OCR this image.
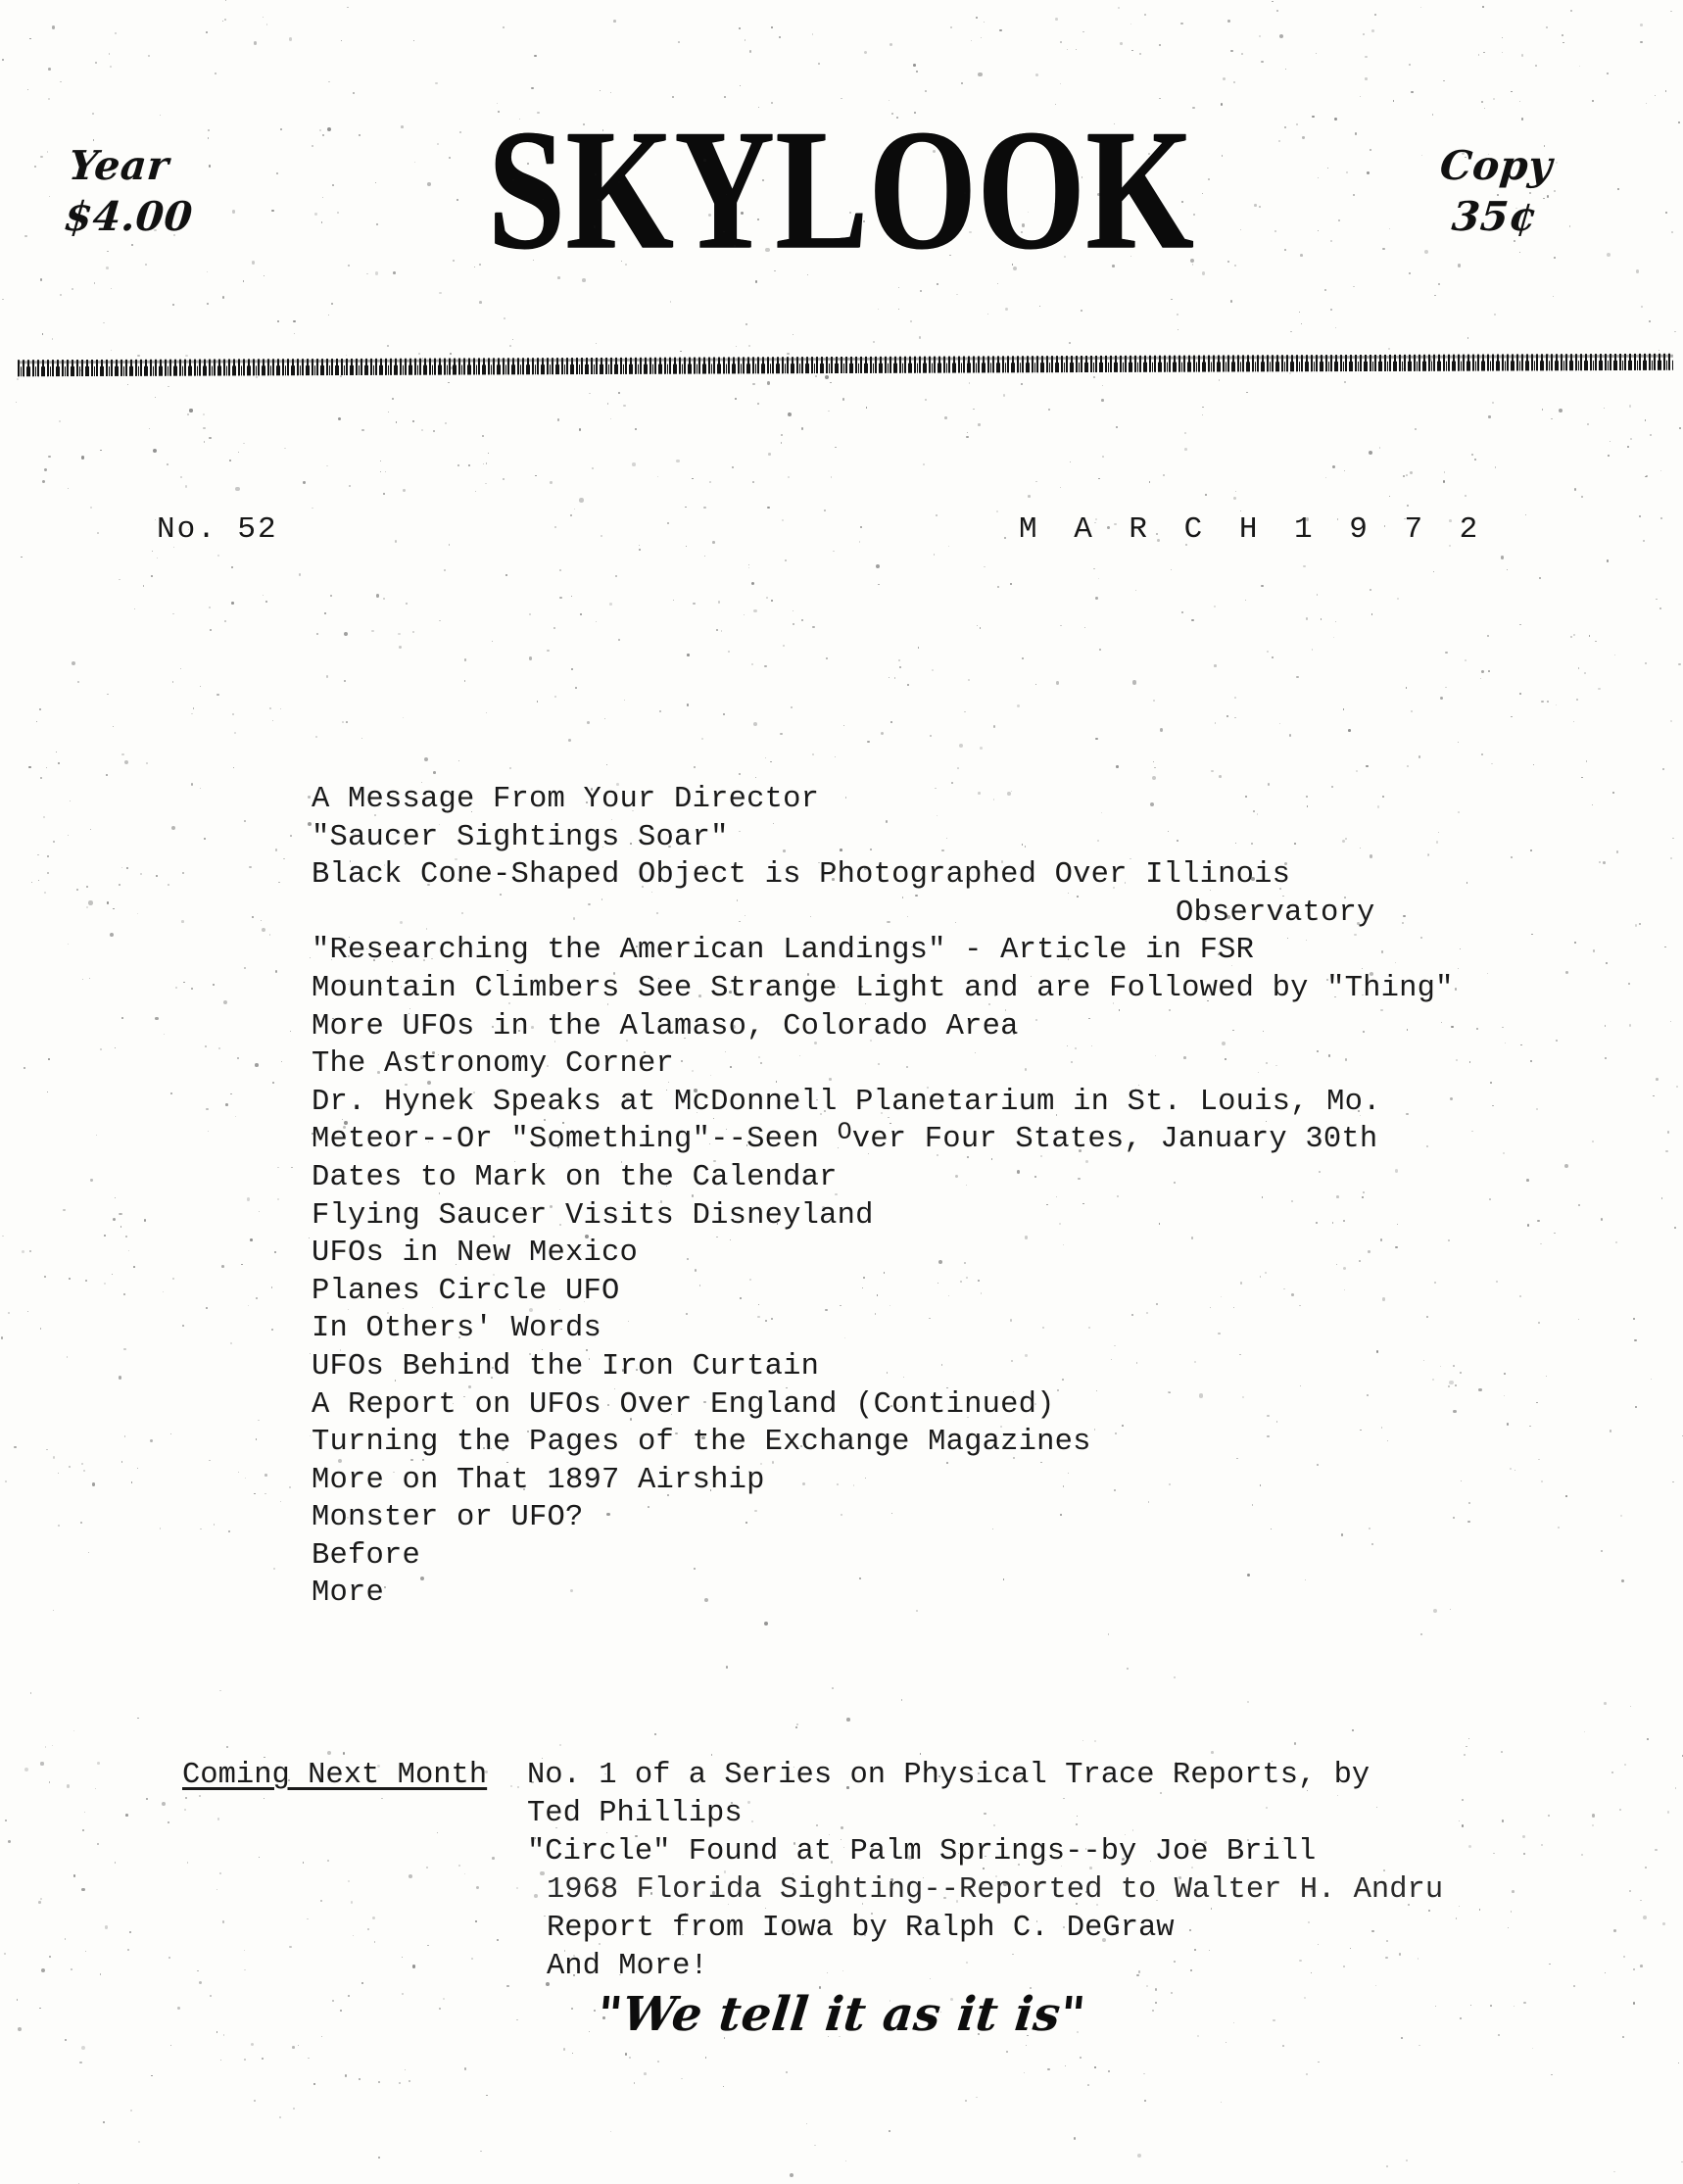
Year
$4.00	SKYLOOK	Copy
35¢
No. 52	M A R C H 1 9 7 2
A Message From Your Director
"Saucer Sightings Soar"
Black Cone-Shaped Object is Photographed Over Illinois
Observatory
"Researching the American Landings" - Article in FSR
Mountain Climbers See Strange Light and are Followed by "Thing"
More UFOs in the Alamaso, Colorado Area
The Astronomy Corner
Dr. Hynek Speaks at McDonnell Planetarium in St. Louis, Mo.
Meteor--Or "Something"--Seen Over Four States, January 30th
Dates to Mark on the Calendar
Flying Saucer Visits Disneyland
UFOs in New Mexico
Planes Circle UFO
In Others' Words
UFOs Behind the Iron Curtain
A Report on UFOs Over England (Continued)
Turning the Pages of the Exchange Magazines
More on That 1897 Airship
Monster or UFO?
Before
More
Coming Next Month No. 1 of a Series on Physical Trace Reports, by
Ted Phillips
"Circle" Found at Palm Springs--by Joe Brill
1968 Florida Sighting--Reported to Walter H. Andru
Report from Iowa by Ralph C. DeGraw
And More!
"We tell it as it is"
